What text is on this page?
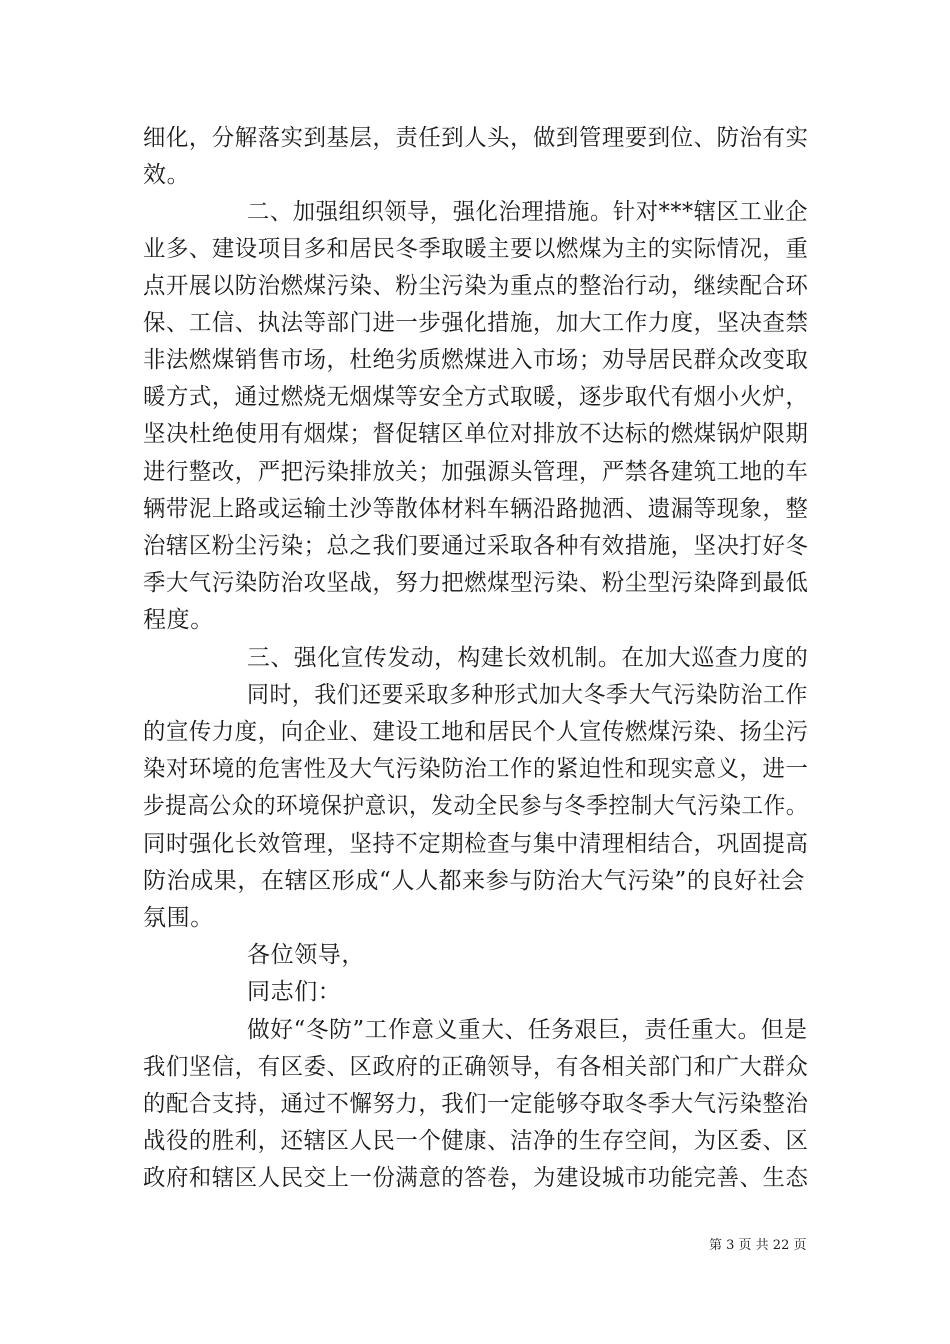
细化，分解落实到基层，责任到人头，做到管理要到位、防治有实
效。
二、加强组织领导，强化治理措施。针对***辖区工业企
业多、建设项目多和居民冬季取暖主要以燃煤为主的实际情况，重
点开展以防治燃煤污染、粉尘污染为重点的整治行动，继续配合环
保、工信、执法等部门进一步强化措施，加大工作力度，坚决查禁
非法燃煤销售市场，杜绝劣质燃煤进入市场；劝导居民群众改变取
暖方式，通过燃烧无烟煤等安全方式取暖，逐步取代有烟小火炉，
坚决杜绝使用有烟煤；督促辖区单位对排放不达标的燃煤锅炉限期
进行整改，严把污染排放关；加强源头管理，严禁各建筑工地的车
辆带泥上路或运输土沙等散体材料车辆沿路抛洒、遗漏等现象，整
治辖区粉尘污染；总之我们要通过采取各种有效措施，坚决打好冬
季大气污染防治攻坚战，努力把燃煤型污染、粉尘型污染降到最低
程度。
三、强化宣传发动，构建长效机制。在加大巡查力度的
同时，我们还要采取多种形式加大冬季大气污染防治工作
的宣传力度，向企业、建设工地和居民个人宣传燃煤污染、扬尘污
染对环境的危害性及大气污染防治工作的紧迫性和现实意义，进一
步提高公众的环境保护意识，发动全民参与冬季控制大气污染工作。
同时强化长效管理，坚持不定期检查与集中清理相结合，巩固提高
防治成果，在辖区形成“人人都来参与防治大气污染”的良好社会
氛围。
各位领导，
同志们：
做好“冬防”工作意义重大、任务艰巨，责任重大。但是
我们坚信，有区委、区政府的正确领导，有各相关部门和广大群众
的配合支持，通过不懈努力，我们一定能够夺取冬季大气污染整治
战役的胜利，还辖区人民一个健康、洁净的生存空间，为区委、区
政府和辖区人民交上一份满意的答卷，为建设城市功能完善、生态
第 3 页 共 22 页
